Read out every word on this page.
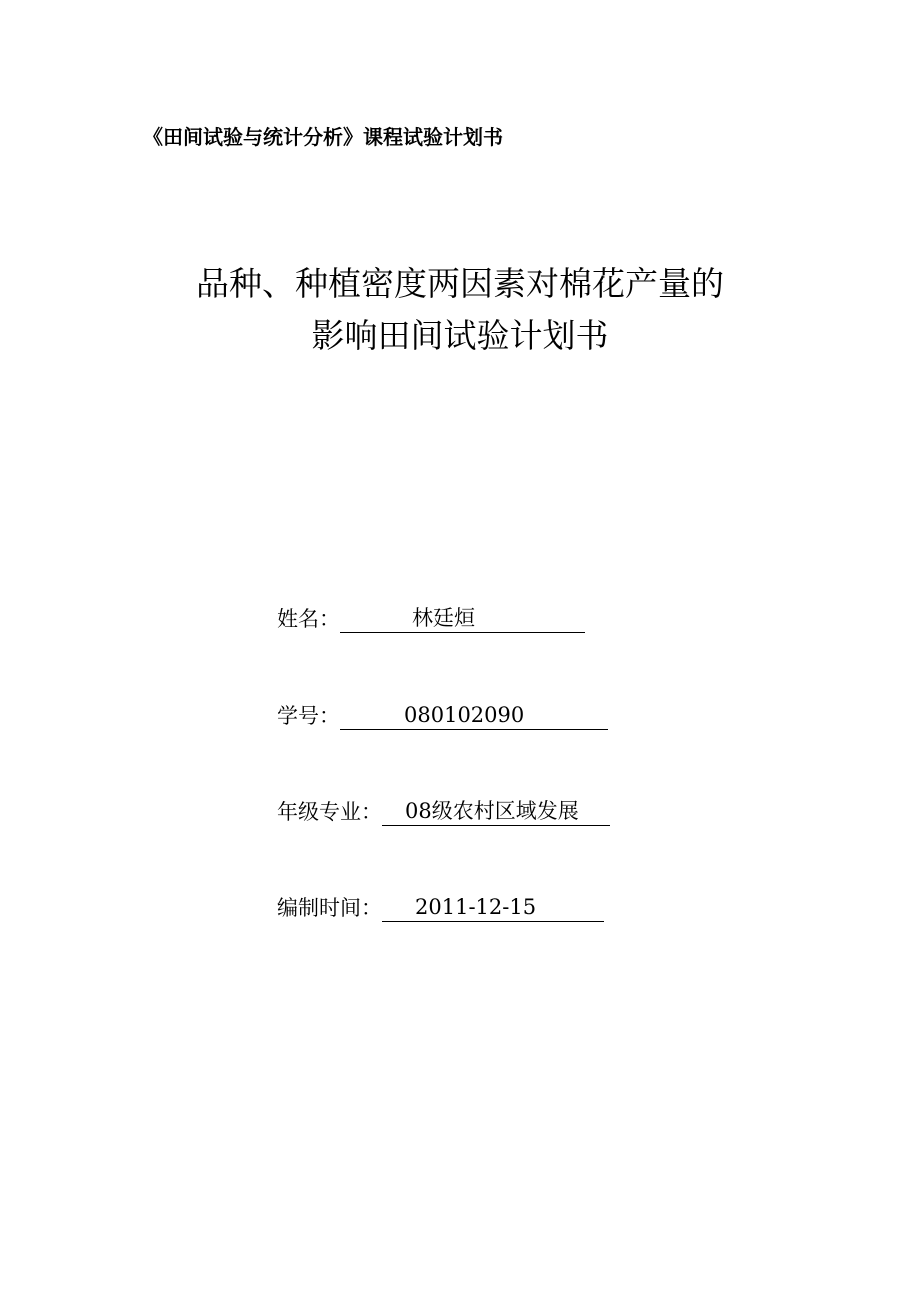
《田间试验与统计分析》课程试验计划书
品种、种植密度两因素对棉花产量的
影响田间试验计划书
姓名：	林廷烜
学号：	080102090
年级专业： 08级农村区域发展
编制时间： 2011-12-15
